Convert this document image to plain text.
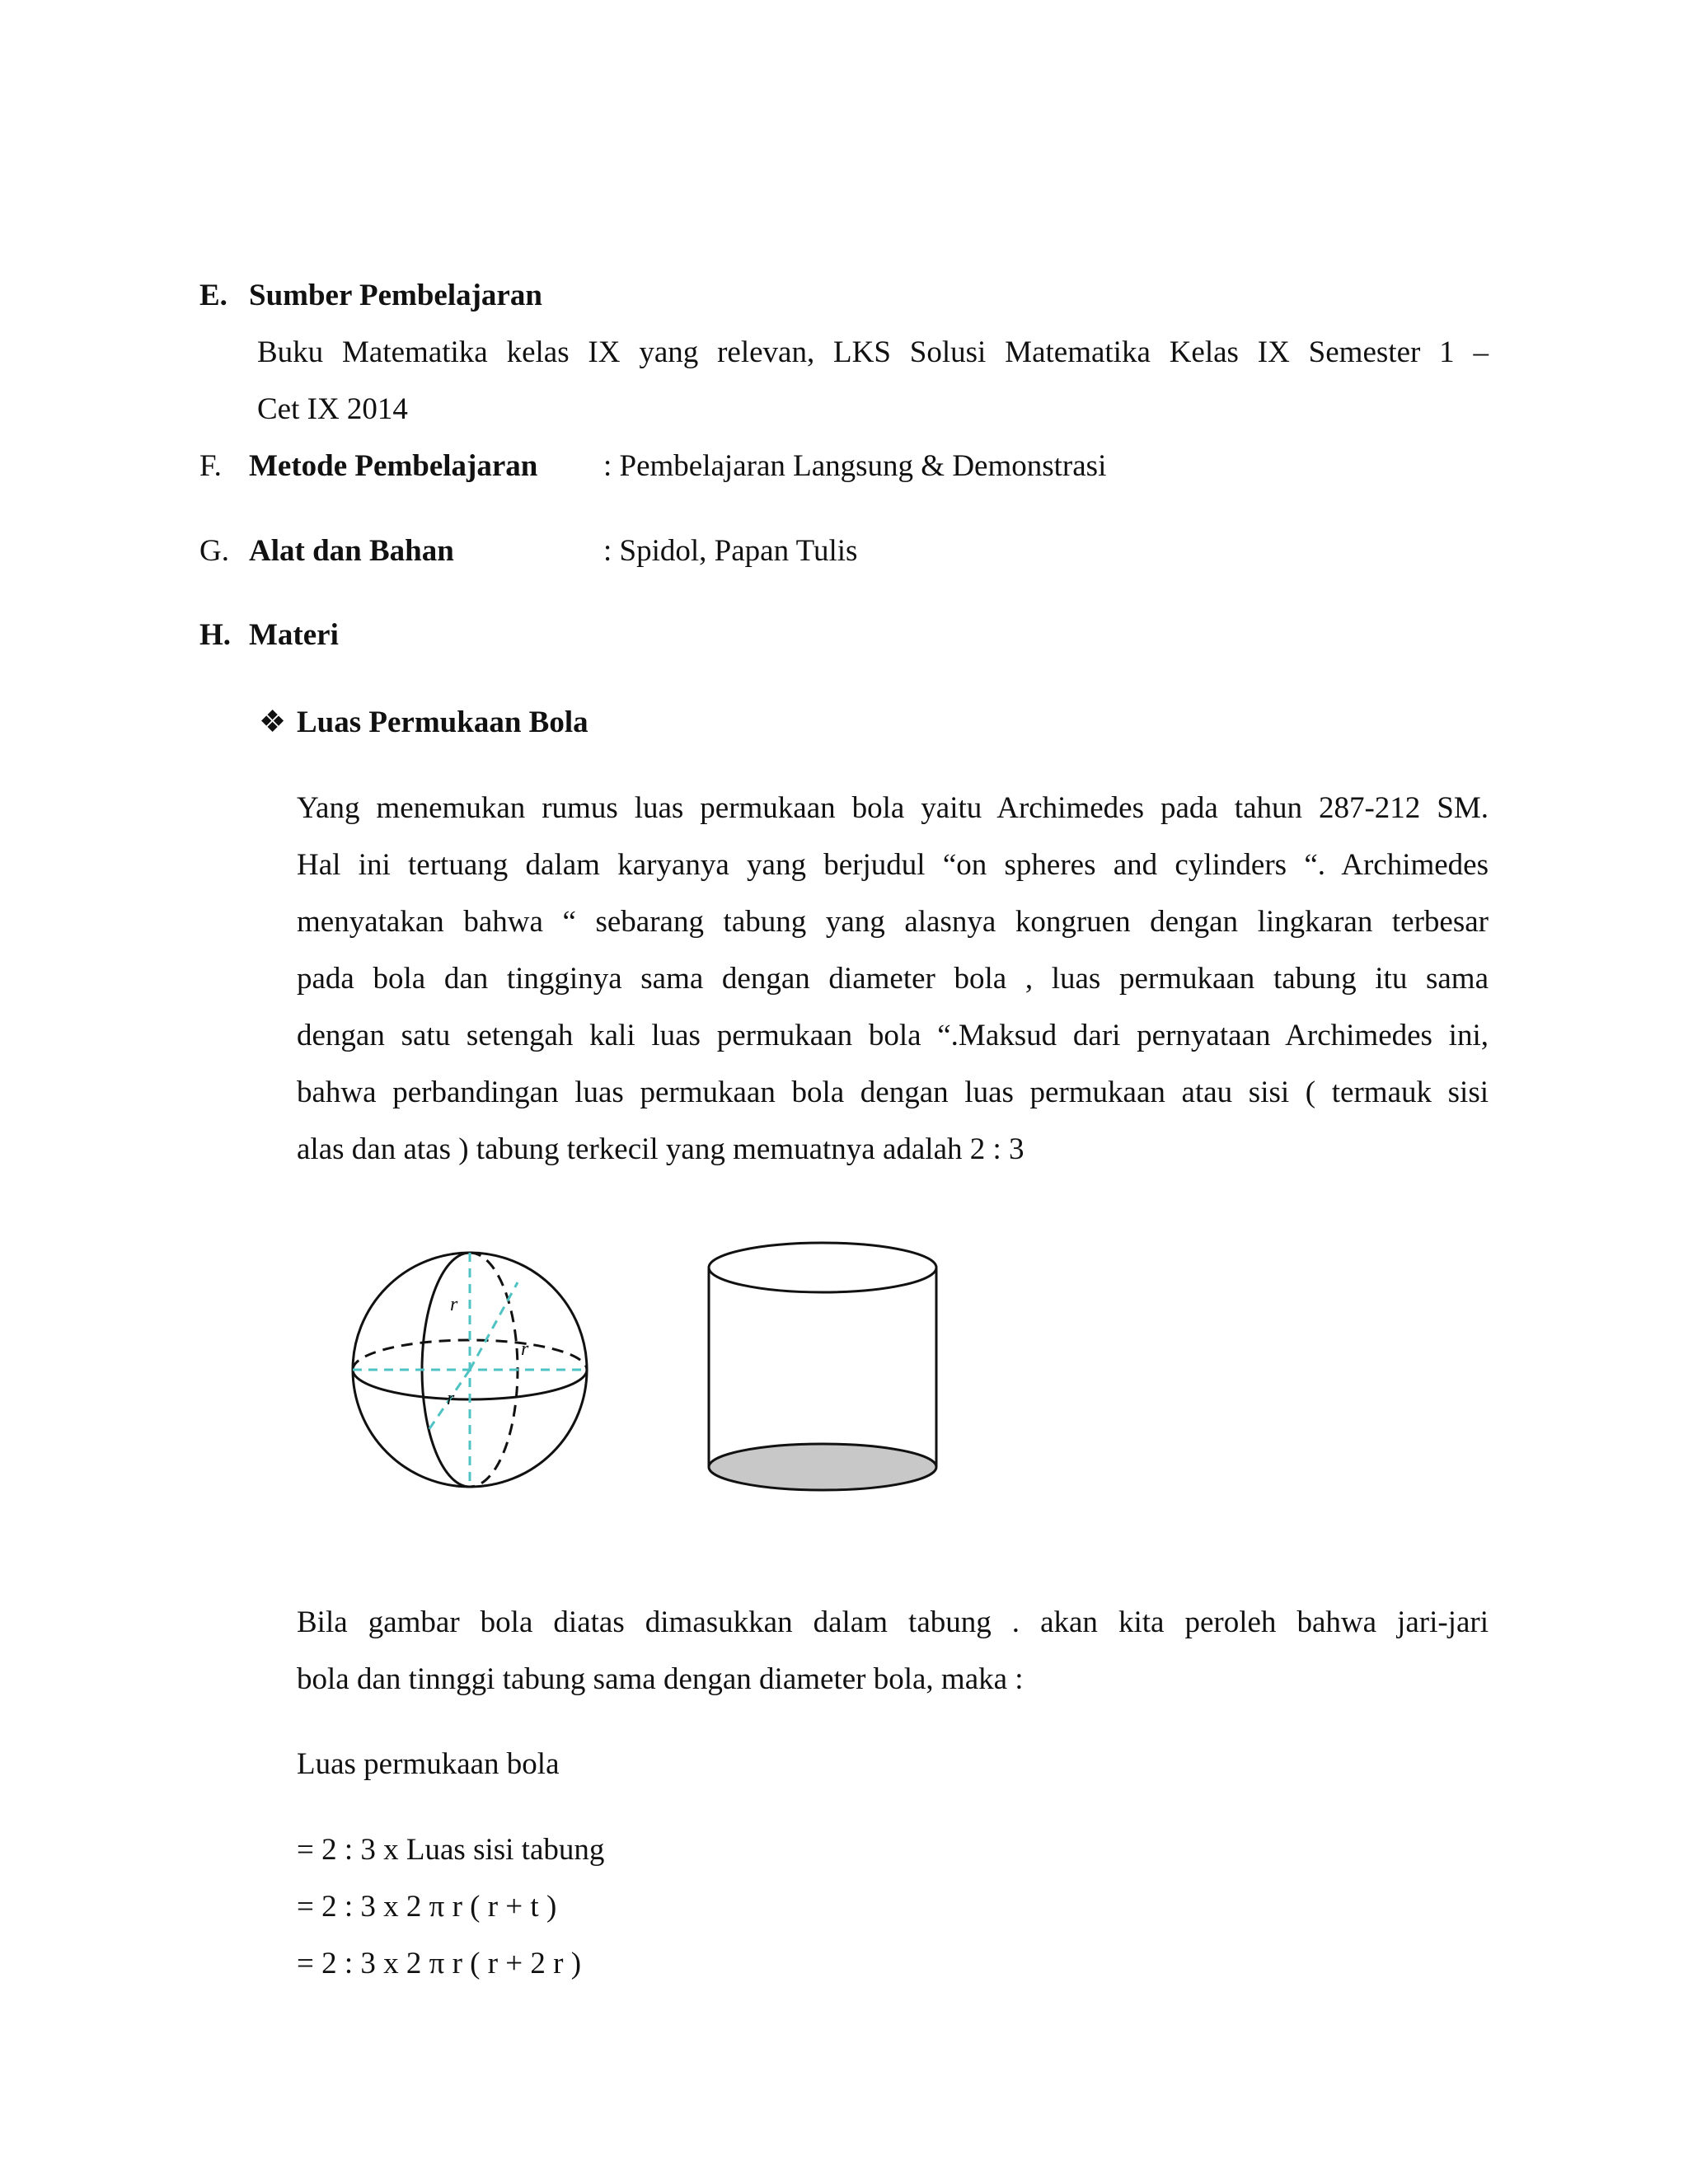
E. Sumber Pembelajaran
Buku Matematika kelas IX yang relevan, LKS Solusi Matematika Kelas IX Semester 1 –
Cet IX 2014
F. Metode Pembelajaran : Pembelajaran Langsung & Demonstrasi
G. Alat dan Bahan	: Spidol, Papan Tulis
H. Materi
❖ Luas Permukaan Bola
Yang menemukan rumus luas permukaan bola yaitu Archimedes pada tahun 287-212 SM.
Hal ini tertuang dalam karyanya yang berjudul “on spheres and cylinders “. Archimedes
menyatakan bahwa “ sebarang tabung yang alasnya kongruen dengan lingkaran terbesar
pada bola dan tingginya sama dengan diameter bola , luas permukaan tabung itu sama
dengan satu setengah kali luas permukaan bola “.Maksud dari pernyataan Archimedes ini,
bahwa perbandingan luas permukaan bola dengan luas permukaan atau sisi ( termauk sisi
alas dan atas ) tabung terkecil yang memuatnya adalah 2 : 3
r
r
r
Bila gambar bola diatas dimasukkan dalam tabung . akan kita peroleh bahwa jari-jari
bola dan tinnggi tabung sama dengan diameter bola, maka :
Luas permukaan bola
= 2 : 3 x Luas sisi tabung
= 2 : 3 x 2 π r ( r + t )
= 2 : 3 x 2 π r ( r + 2 r )
